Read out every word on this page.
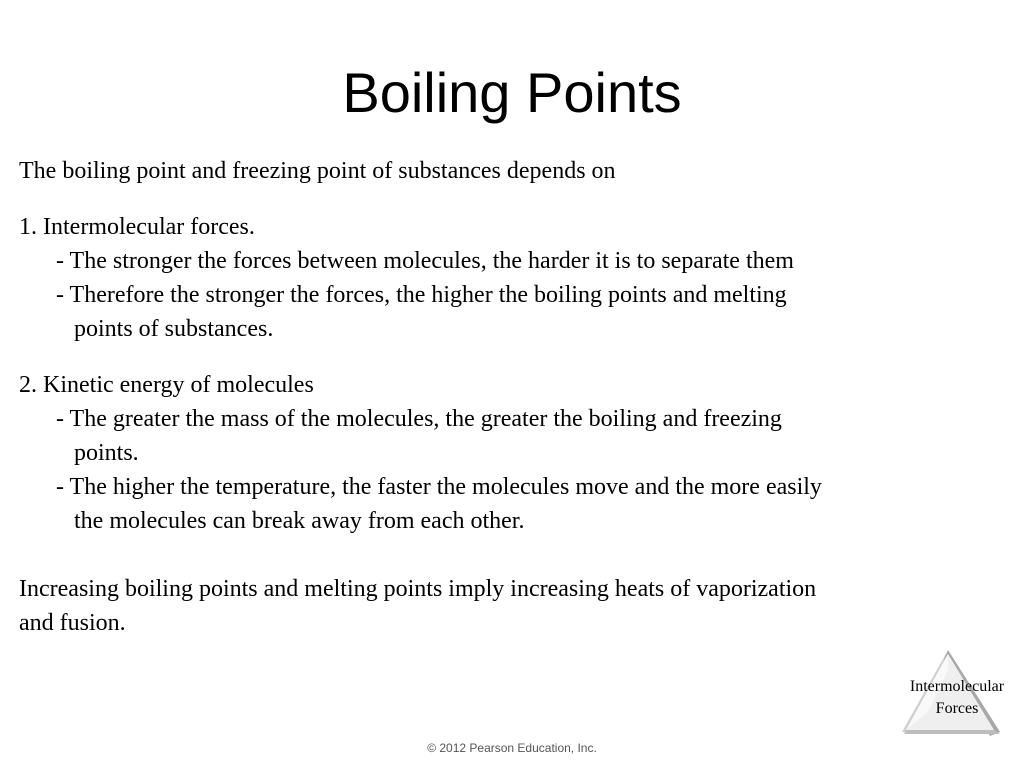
Boiling Points

The boiling point and freezing point of substances depends on

1. Intermolecular forces.

- The stronger the forces between molecules, the harder it is to separate them

- Therefore the stronger the forces, the higher the boiling points and melting
points of substances.

2. Kinetic energy of molecules

- The greater the mass of the molecules, the greater the boiling and freezing
points.

- The higher the temperature, the faster the molecules move and the more easily
the molecules can break away from each other.

Increasing boiling points and melting points imply increasing heats of vaporization
and fusion.

Intermolecular
Forces
© 2012 Pearson Education, Inc.
